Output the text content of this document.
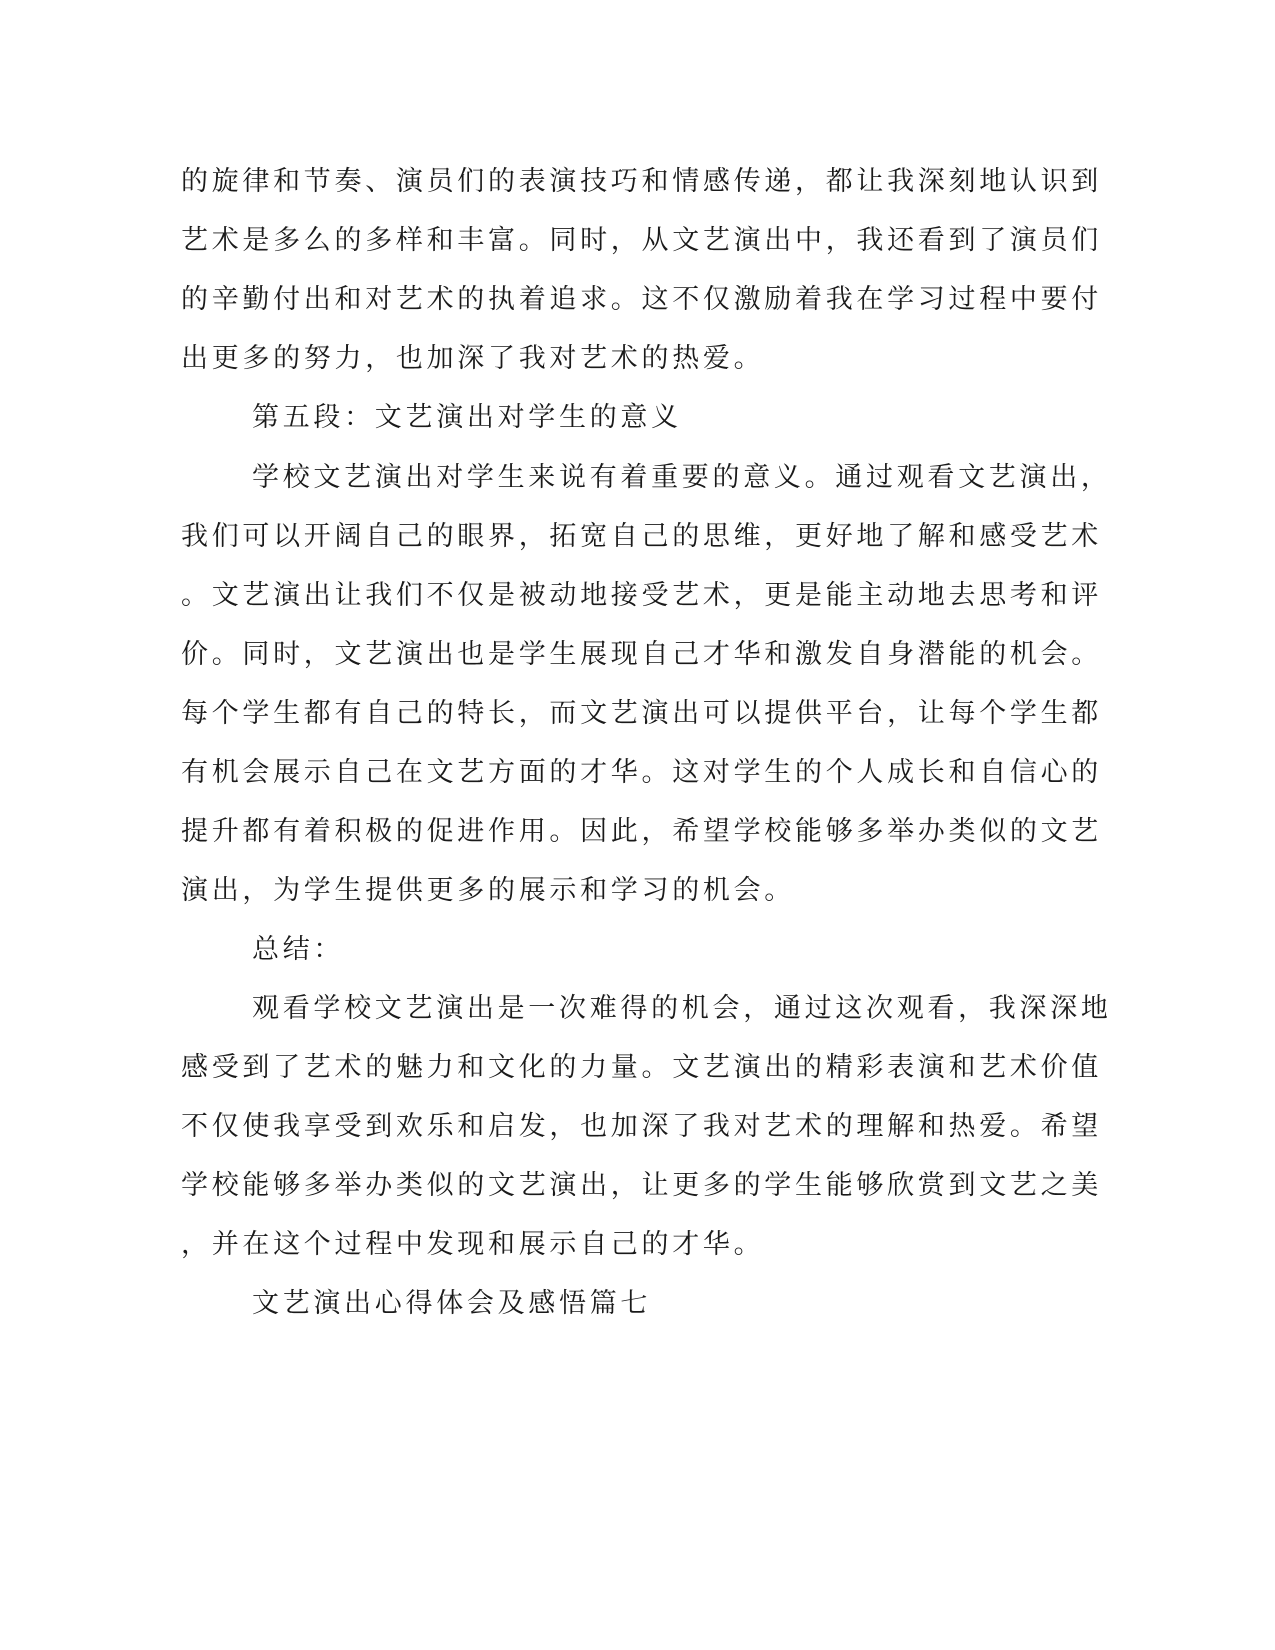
的旋律和节奏、演员们的表演技巧和情感传递，都让我深刻地认识到

艺术是多么的多样和丰富。同时，从文艺演出中，我还看到了演员们

的辛勤付出和对艺术的执着追求。这不仅激励着我在学习过程中要付

出更多的努力，也加深了我对艺术的热爱。

第五段：文艺演出对学生的意义

学校文艺演出对学生来说有着重要的意义。通过观看文艺演出，

我们可以开阔自己的眼界，拓宽自己的思维，更好地了解和感受艺术

。文艺演出让我们不仅是被动地接受艺术，更是能主动地去思考和评

价。同时，文艺演出也是学生展现自己才华和激发自身潜能的机会。

每个学生都有自己的特长，而文艺演出可以提供平台，让每个学生都

有机会展示自己在文艺方面的才华。这对学生的个人成长和自信心的

提升都有着积极的促进作用。因此，希望学校能够多举办类似的文艺

演出，为学生提供更多的展示和学习的机会。

总结：

观看学校文艺演出是一次难得的机会，通过这次观看，我深深地

感受到了艺术的魅力和文化的力量。文艺演出的精彩表演和艺术价值

不仅使我享受到欢乐和启发，也加深了我对艺术的理解和热爱。希望

学校能够多举办类似的文艺演出，让更多的学生能够欣赏到文艺之美

，并在这个过程中发现和展示自己的才华。

文艺演出心得体会及感悟篇七
